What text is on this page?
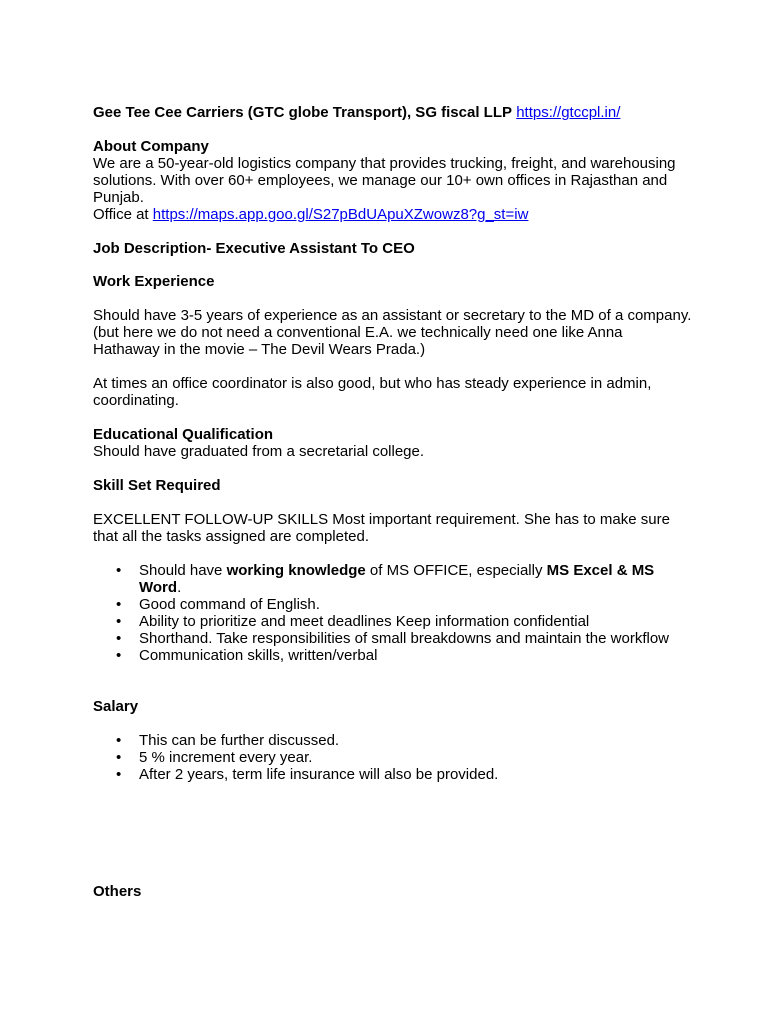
Gee Tee Cee Carriers (GTC globe Transport), SG fiscal LLP https://gtccpl.in/

About Company

We are a 50-year-old logistics company that provides trucking, freight, and warehousing solutions. With over 60+ employees, we manage our 10+ own offices in Rajasthan and Punjab.

Office at https://maps.app.goo.gl/S27pBdUApuXZwowz8?g_st=iw

Job Description- Executive Assistant To CEO

Work Experience

Should have 3-5 years of experience as an assistant or secretary to the MD of a company. (but here we do not need a conventional E.A. we technically need one like Anna Hathaway in the movie – The Devil Wears Prada.)

At times an office coordinator is also good, but who has steady experience in admin, coordinating.

Educational Qualification

Should have graduated from a secretarial college.

Skill Set Required

EXCELLENT FOLLOW-UP SKILLS Most important requirement. She has to make sure that all the tasks assigned are completed.

• Should have working knowledge of MS OFFICE, especially MS Excel & MS Word.
• Good command of English.
• Ability to prioritize and meet deadlines Keep information confidential
• Shorthand. Take responsibilities of small breakdowns and maintain the workflow
• Communication skills, written/verbal

Salary

• This can be further discussed.
• 5 % increment every year.
• After 2 years, term life insurance will also be provided.

Others
